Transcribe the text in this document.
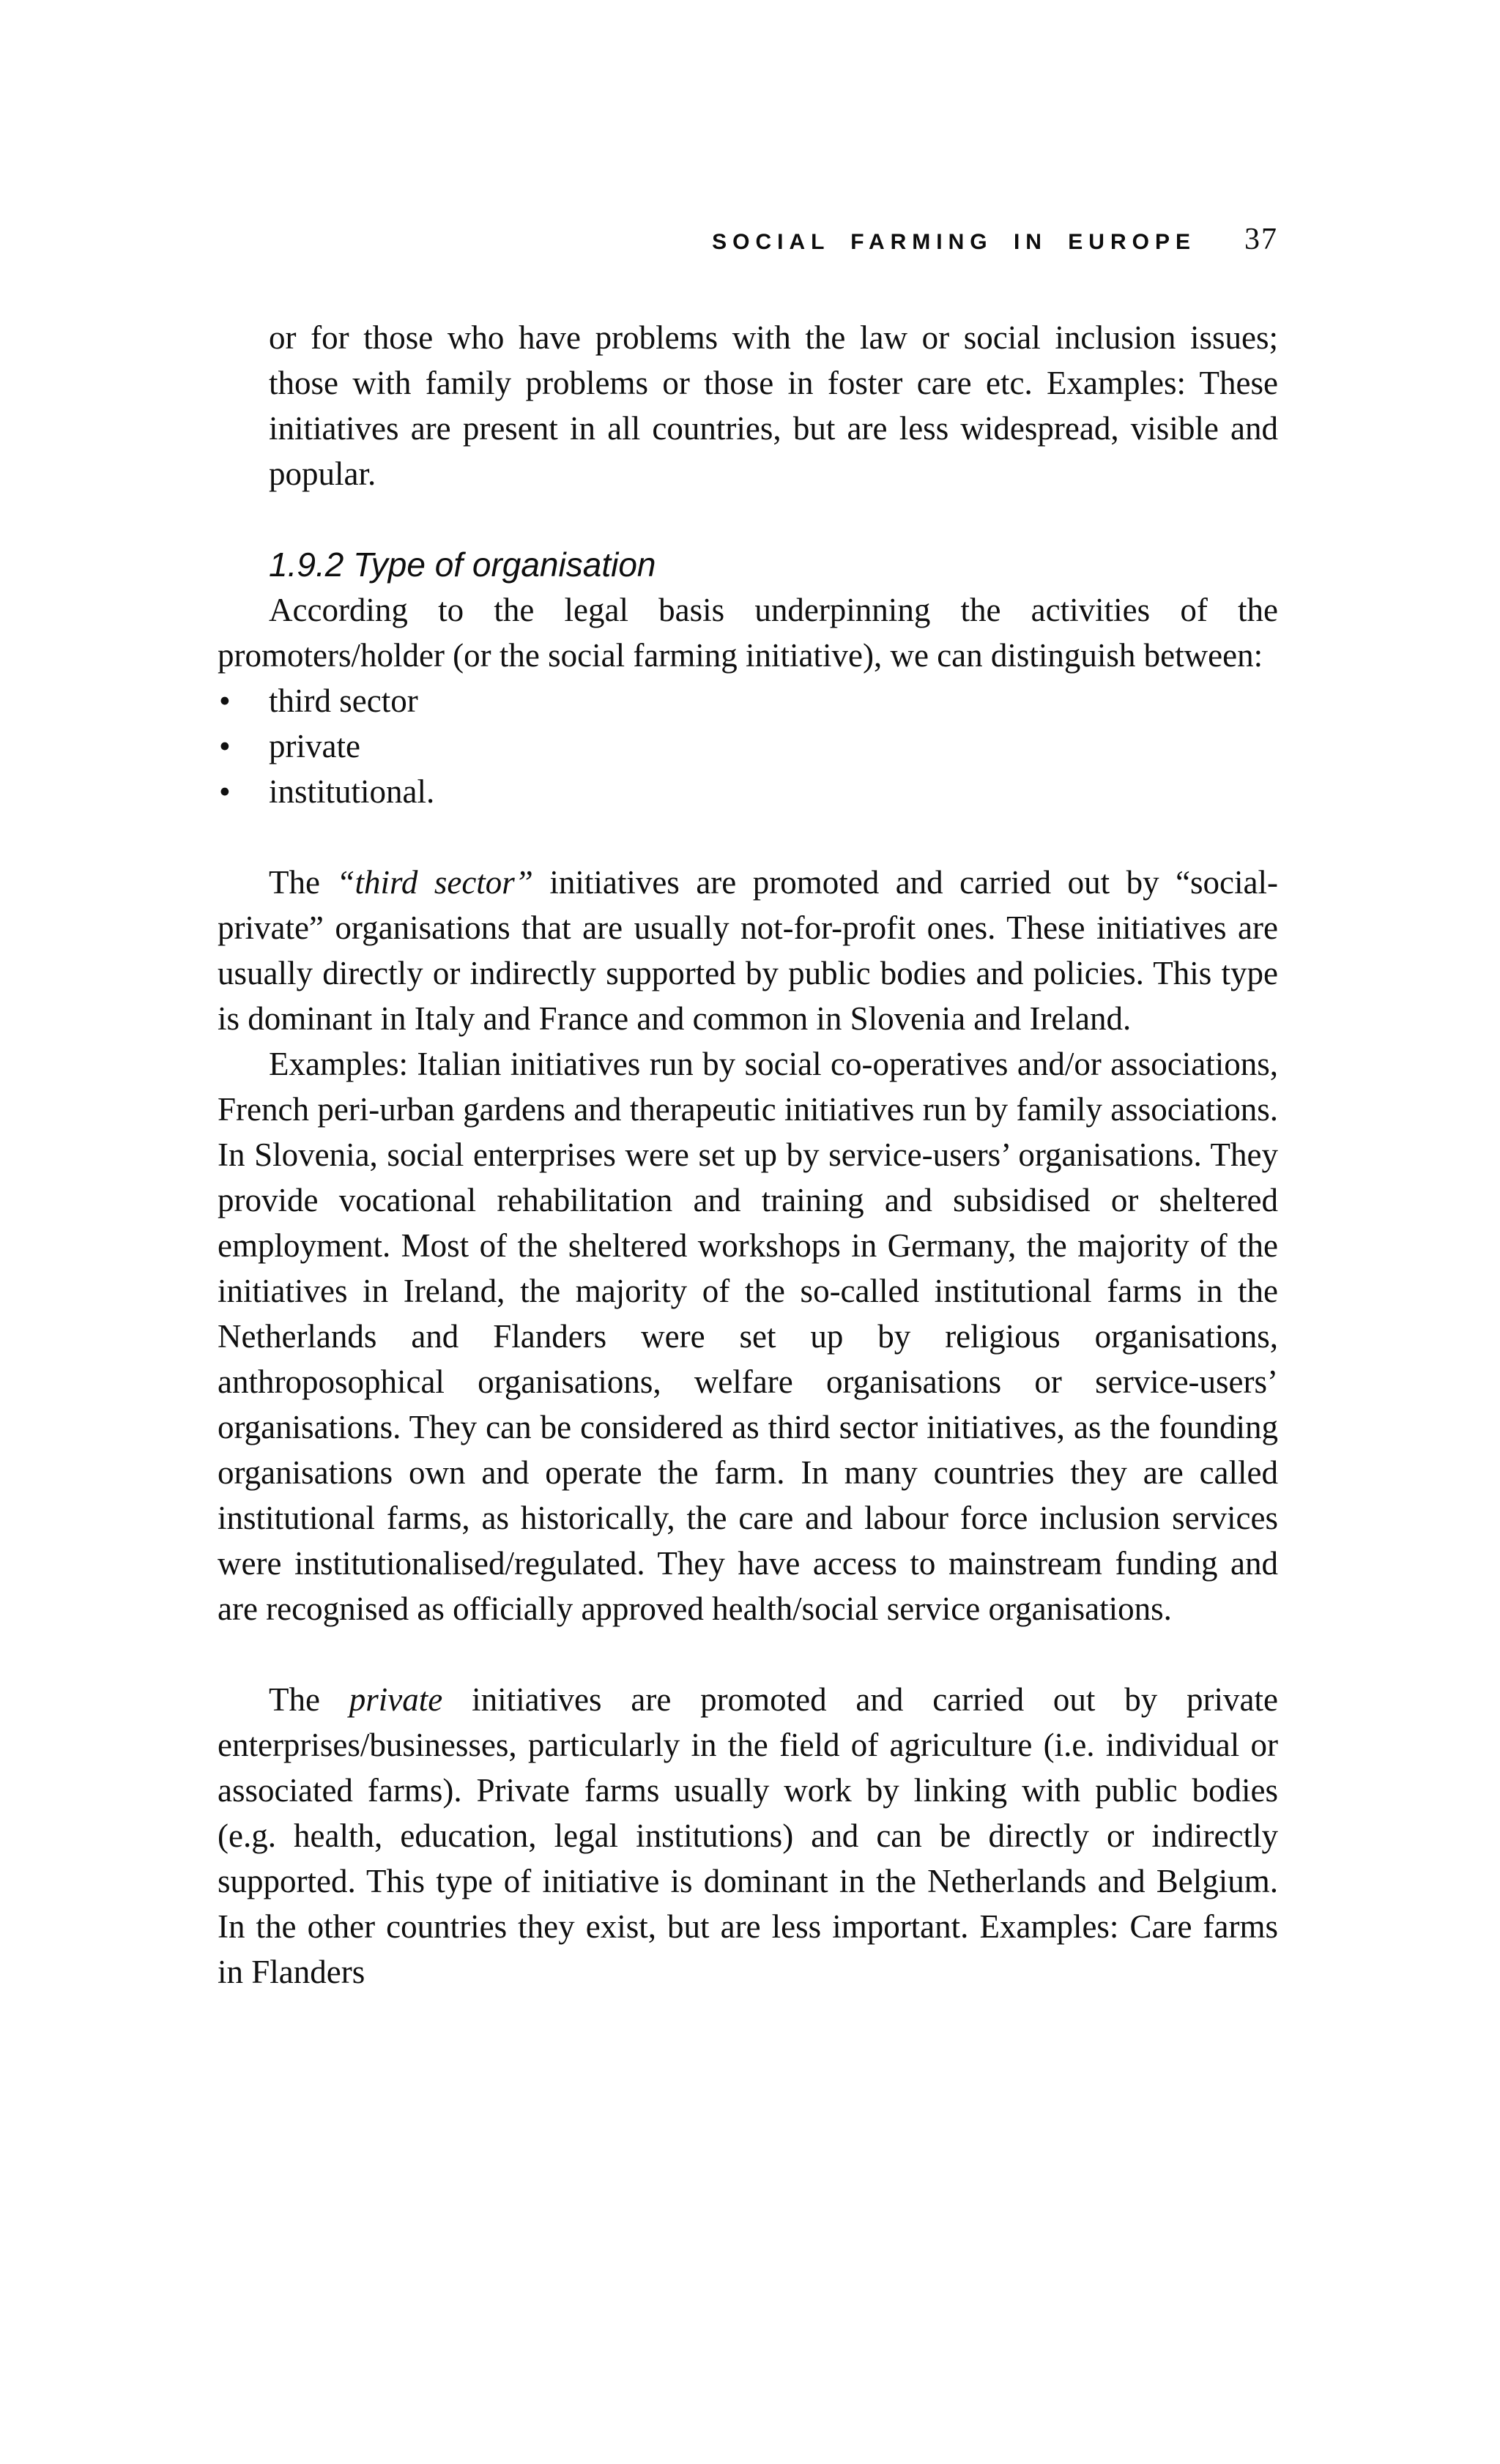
SOCIAL FARMING IN EUROPE 37

or for those who have problems with the law or social inclusion issues; those with family problems or those in foster care etc. Examples: These initiatives are present in all countries, but are less widespread, visible and popular.

1.9.2 Type of organisation

According to the legal basis underpinning the activities of the promoters/holder (or the social farming initiative), we can distinguish between:

• third sector
• private
• institutional.

The “third sector” initiatives are promoted and carried out by “social-private” organisations that are usually not-for-profit ones. These initiatives are usually directly or indirectly supported by public bodies and policies. This type is dominant in Italy and France and common in Slovenia and Ireland.

Examples: Italian initiatives run by social co-operatives and/or associations, French peri-urban gardens and therapeutic initiatives run by family associations. In Slovenia, social enterprises were set up by service-users’ organisations. They provide vocational rehabilitation and training and subsidised or sheltered employment. Most of the sheltered workshops in Germany, the majority of the initiatives in Ireland, the majority of the so-called institutional farms in the Netherlands and Flanders were set up by religious organisations, anthroposophical organisations, welfare organisations or service-users’ organisations. They can be considered as third sector initiatives, as the founding organisations own and operate the farm. In many countries they are called institutional farms, as historically, the care and labour force inclusion services were institutionalised/regulated. They have access to mainstream funding and are recognised as officially approved health/social service organisations.

The private initiatives are promoted and carried out by private enterprises/businesses, particularly in the field of agriculture (i.e. individual or associated farms). Private farms usually work by linking with public bodies (e.g. health, education, legal institutions) and can be directly or indirectly supported. This type of initiative is dominant in the Netherlands and Belgium. In the other countries they exist, but are less important. Examples: Care farms in Flanders
